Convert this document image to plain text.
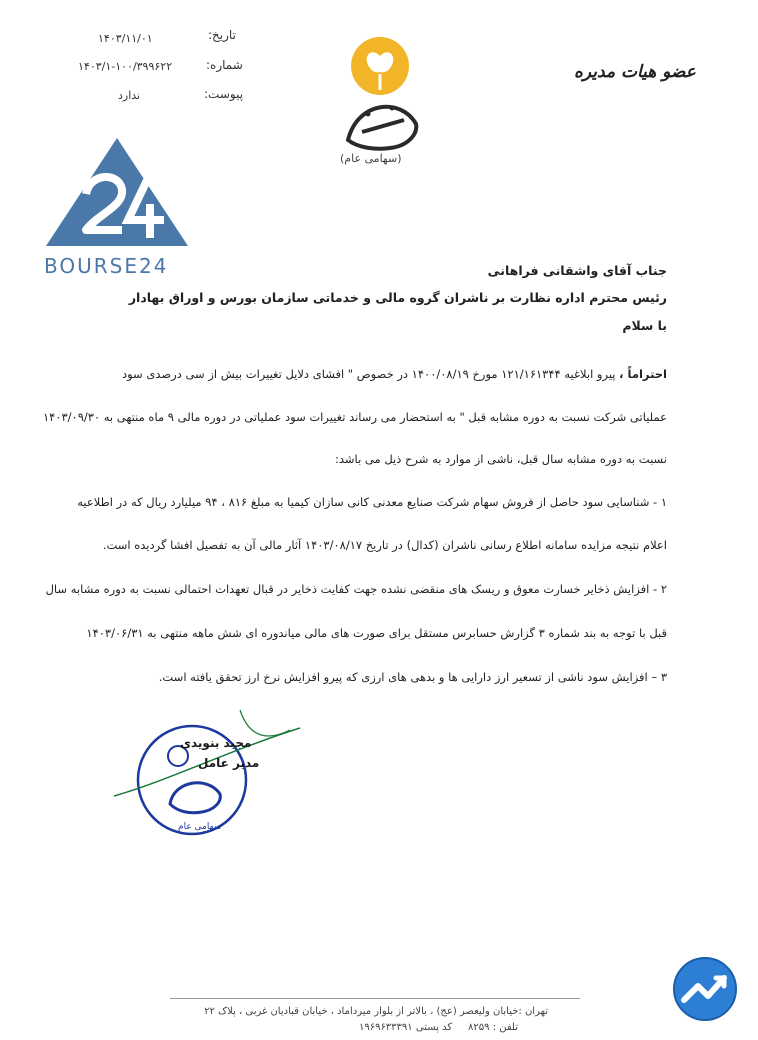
۱۴۰۳/۱۱/۰۱	تاریخ:
۱۴۰۳/۱-۱۰۰/۳۹۹۶۲۲	شماره:
ندارد	پیوست:
عضو هیات مدیره
(سهامی عام)
BOURSE24	جناب آقای واشقانی فراهانی
رئیس محترم اداره نظارت بر ناشران گروه مالی و خدماتی سازمان بورس و اوراق بهادار
با سلام
احتراماً ، پیرو ابلاغیه ۱۲۱/۱۶۱۳۴۴ مورخ ۱۴۰۰/۰۸/۱۹ در خصوص " افشای دلایل تغییرات بیش از سی درصدی سود
عملیاتی شرکت نسبت به دوره مشابه قبل " به استحضار می رساند تغییرات سود عملیاتی در دوره مالی ۹ ماه منتهی به ۱۴۰۳/۰۹/۳۰
نسبت به دوره مشابه سال قبل، ناشی از موارد به شرح ذیل می باشد:
۱ - شناسایی سود حاصل از فروش سهام شرکت صنایع معدنی کانی سازان کیمیا به مبلغ ۸۱۶ ، ۹۴ میلیارد ریال که در اطلاعیه
اعلام نتیجه مزایده سامانه اطلاع رسانی ناشران (کدال) در تاریخ ۱۴۰۳/۰۸/۱۷ آثار مالی آن به تفصیل افشا گردیده است.
۲ - افزایش ذخایر خسارت معوق و ریسک های منقضی نشده جهت کفایت ذخایر در قبال تعهدات احتمالی نسبت به دوره مشابه سال
قبل با توجه به بند شماره ۳ گزارش حسابرس مستقل برای صورت های مالی میاندوره ای شش ماهه منتهی به ۱۴۰۳/۰۶/۳۱
۳ – افزایش سود ناشی از تسعیر ارز دارایی ها و بدهی های ارزی که پیرو افزایش نرخ ارز تحقق یافته است.
سهامی عام
مجید بنویدی
مدیر عامل
تهران :خیابان ولیعصر (عج) ، بالاتر از بلوار میرداماد ، خیابان قبادیان غربی ، پلاک ۲۲
تلفن : ۸۲۵۹     کد پستی ۱۹۶۹۶۳۳۳۹۱
